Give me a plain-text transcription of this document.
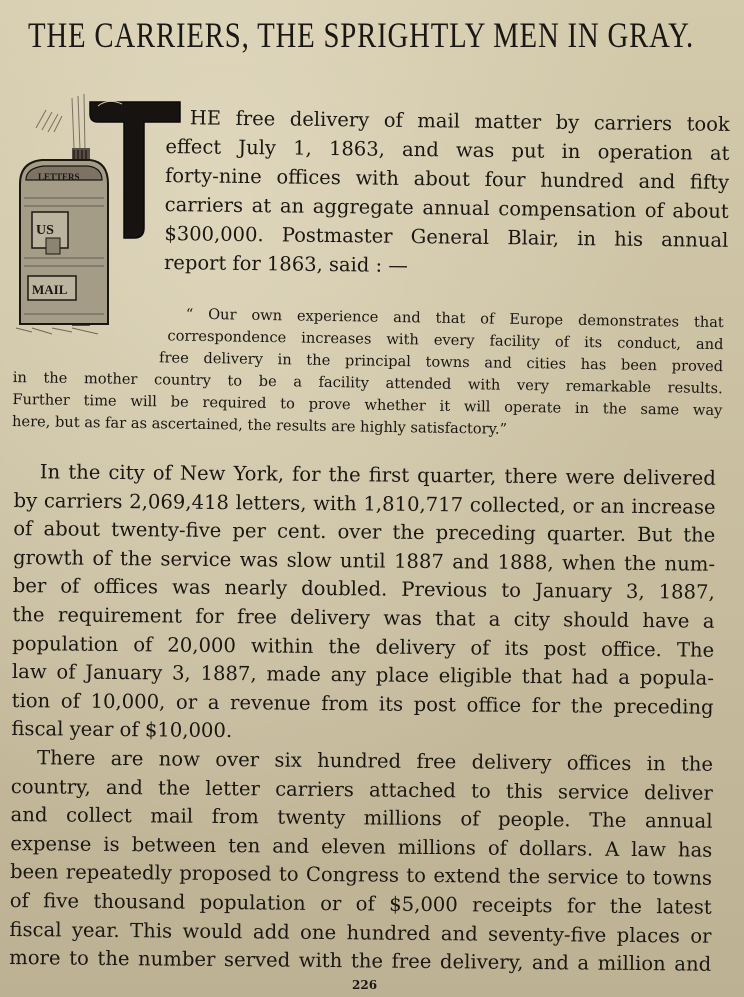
THE CARRIERS, THE SPRIGHTLY MEN IN GRAY.
LETTERS
US
MAIL
HE free delivery of mail matter by carriers took
effect July 1, 1863, and was put in operation at
forty-nine offices with about four hundred and fifty
carriers at an aggregate annual compensation of about
$300,000. Postmaster General Blair, in his annual
report for 1863, said : —
“ Our own experience and that of Europe demonstrates that
correspondence increases with every facility of its conduct, and
free delivery in the principal towns and cities has been proved
in the mother country to be a facility attended with very remarkable results.
Further time will be required to prove whether it will operate in the same way
here, but as far as ascertained, the results are highly satisfactory.”
In the city of New York, for the first quarter, there were delivered
by carriers 2,069,418 letters, with 1,810,717 collected, or an increase
of about twenty-five per cent. over the preceding quarter. But the
growth of the service was slow until 1887 and 1888, when the num-
ber of offices was nearly doubled. Previous to January 3, 1887,
the requirement for free delivery was that a city should have a
population of 20,000 within the delivery of its post office. The
law of January 3, 1887, made any place eligible that had a popula-
tion of 10,000, or a revenue from its post office for the preceding
fiscal year of $10,000.
There are now over six hundred free delivery offices in the
country, and the letter carriers attached to this service deliver
and collect mail from twenty millions of people. The annual
expense is between ten and eleven millions of dollars. A law has
been repeatedly proposed to Congress to extend the service to towns
of five thousand population or of $5,000 receipts for the latest
fiscal year. This would add one hundred and seventy-five places or
more to the number served with the free delivery, and a million and
226
